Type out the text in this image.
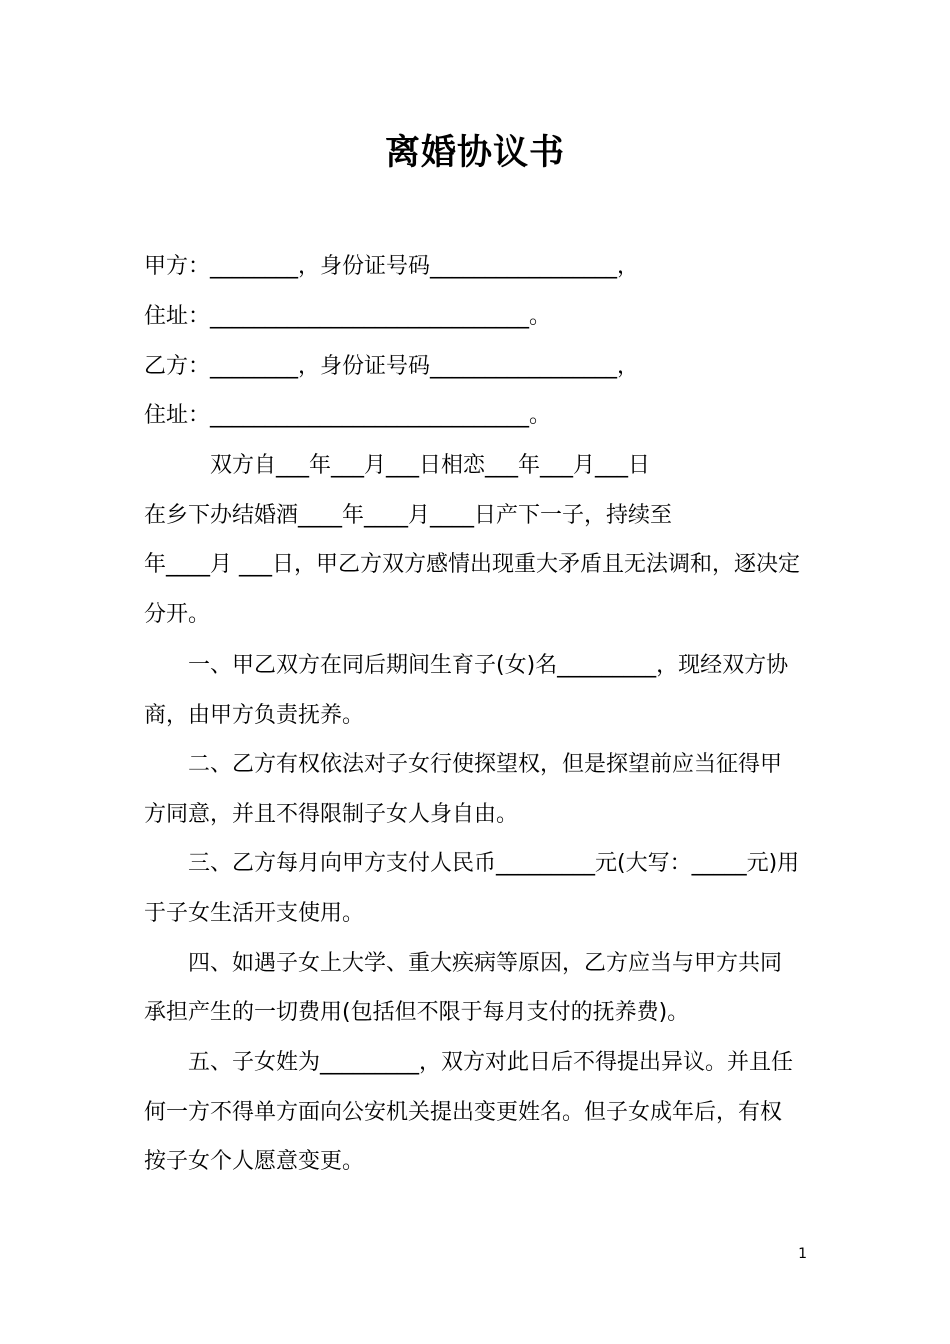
离婚协议书
甲方：________，身份证号码_________________，
住址：_____________________________。
乙方：________，身份证号码_________________，
住址：_____________________________。
双方自___年___月___日相恋___年___月___日
在乡下办结婚酒____年____月____日产下一子，持续至
年____月 ___日，甲乙方双方感情出现重大矛盾且无法调和，逐决定
分开。
一、甲乙双方在同后期间生育子(女)名_________，现经双方协
商，由甲方负责抚养。
二、乙方有权依法对子女行使探望权，但是探望前应当征得甲
方同意，并且不得限制子女人身自由。
三、乙方每月向甲方支付人民币_________元(大写：_____元)用
于子女生活开支使用。
四、如遇子女上大学、重大疾病等原因，乙方应当与甲方共同
承担产生的一切费用(包括但不限于每月支付的抚养费)。
五、子女姓为_________，双方对此日后不得提出异议。并且任
何一方不得单方面向公安机关提出变更姓名。但子女成年后，有权
按子女个人愿意变更。
1
